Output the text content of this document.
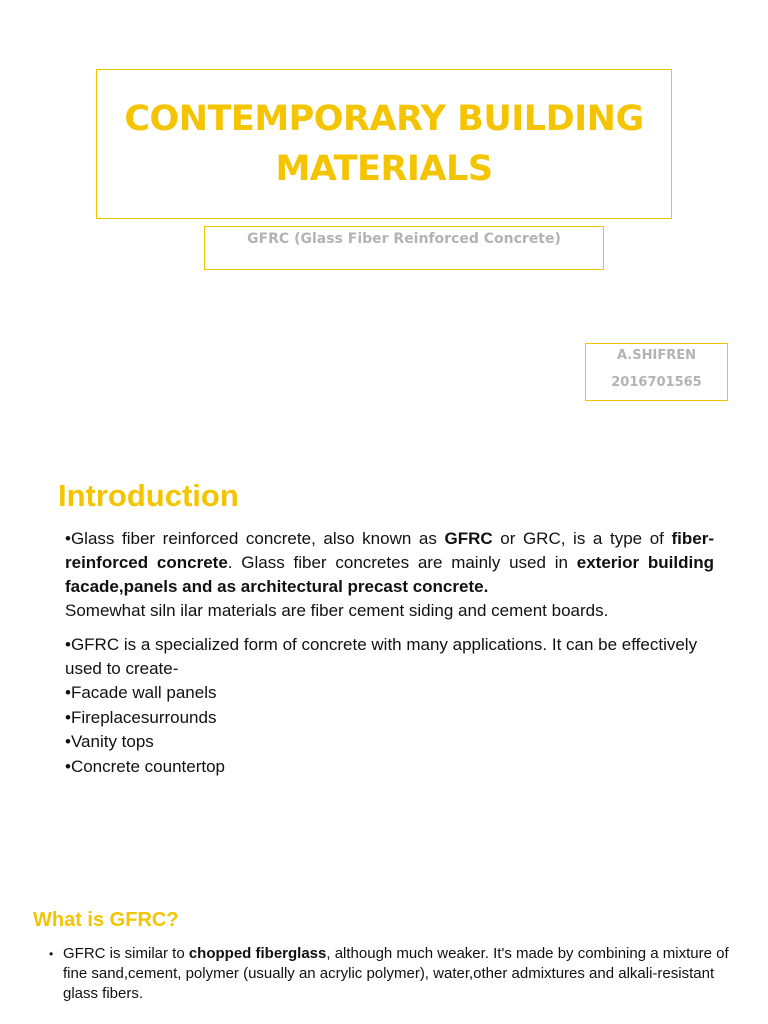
CONTEMPORARY BUILDING MATERIALS
GFRC (Glass Fiber Reinforced Concrete)
A.SHIFREN
2016701565
Introduction

•Glass fiber reinforced concrete, also known as GFRC or GRC, is a type of fiber-reinforced concrete. Glass fiber concretes are mainly used in exterior building facade,panels and as architectural precast concrete.
Somewhat siln ilar materials are fiber cement siding and cement boards.

•GFRC is a specialized form of concrete with many applications. It can be effectively used to create-

•Facade wall panels
•Fireplacesurrounds
•Vanity tops
•Concrete countertop
What is GFRC?

• GFRC is similar to chopped fiberglass, although much weaker. It's made by combining a mixture of fine sand,cement, polymer (usually an acrylic polymer), water,other admixtures and alkali-resistant glass fibers.
